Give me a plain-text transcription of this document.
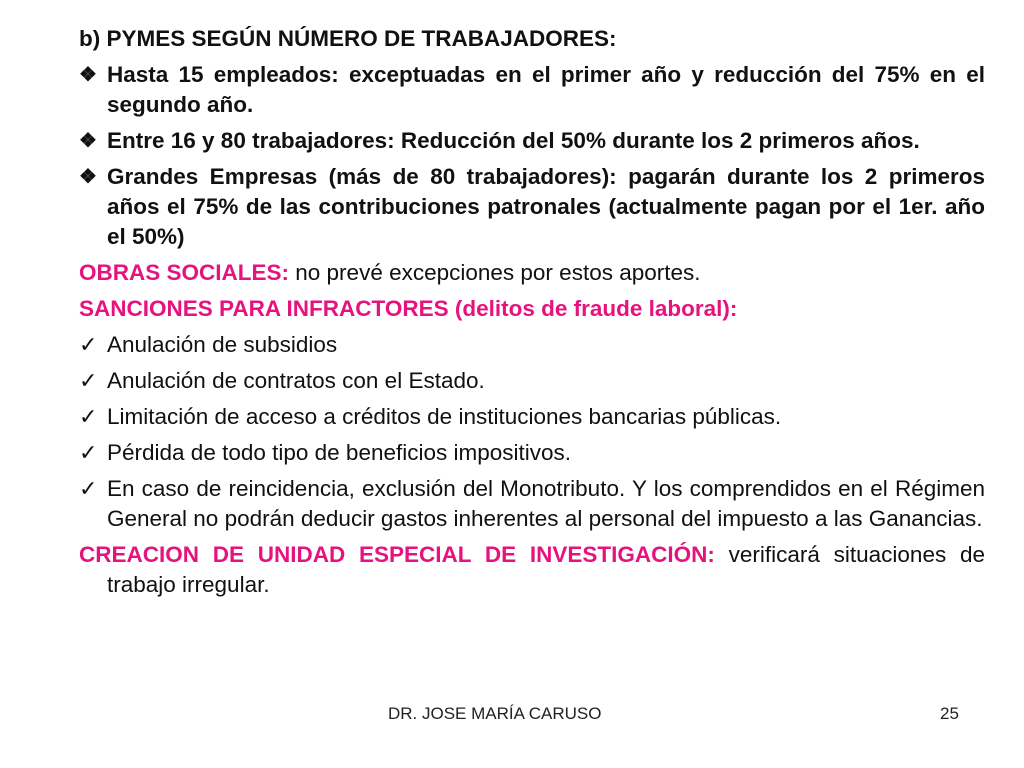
b) PYMES SEGÚN NÚMERO DE TRABAJADORES:

❖ Hasta 15 empleados: exceptuadas en el primer año y reducción del 75% en el segundo año.
❖ Entre 16 y 80 trabajadores: Reducción del 50% durante los 2 primeros años.
❖ Grandes Empresas (más de 80 trabajadores): pagarán durante los 2 primeros años el 75% de las contribuciones patronales (actualmente pagan por el 1er. año el 50%)

OBRAS SOCIALES: no prevé excepciones por estos aportes.

SANCIONES PARA INFRACTORES (delitos de fraude laboral):

✓ Anulación de subsidios
✓ Anulación de contratos con el Estado.
✓ Limitación de acceso a créditos de instituciones bancarias públicas.
✓ Pérdida de todo tipo de beneficios impositivos.
✓ En caso de reincidencia, exclusión del Monotributo. Y los comprendidos en el Régimen General no podrán deducir gastos inherentes al personal del impuesto a las Ganancias.

CREACION DE UNIDAD ESPECIAL DE INVESTIGACIÓN: verificará situaciones de trabajo irregular.

DR. JOSE MARÍA CARUSO	25
